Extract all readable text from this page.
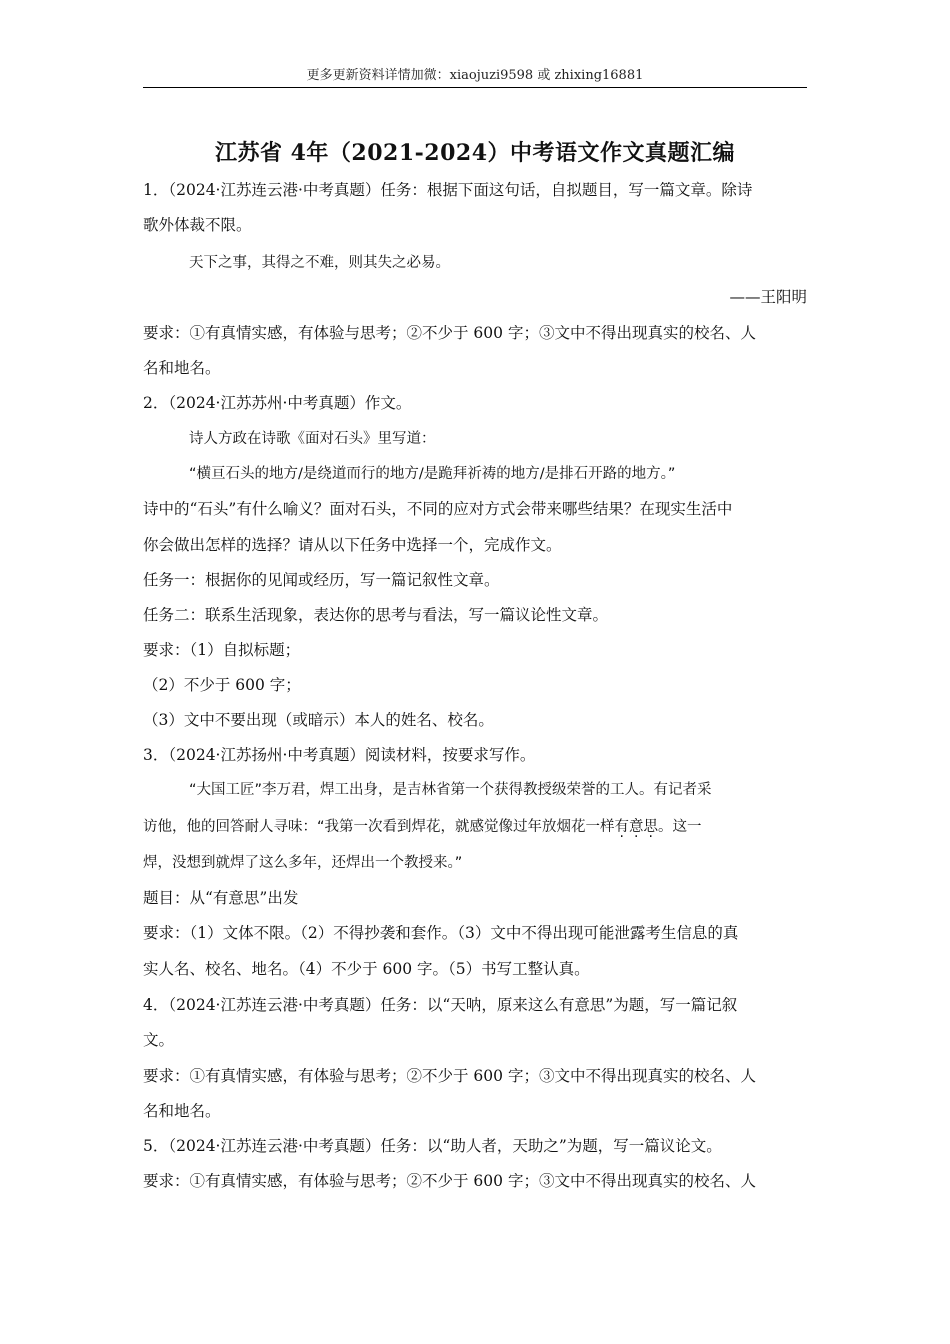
更多更新资料详情加微：xiaojuzi9598 或 zhixing16881
江苏省 4年（2021-2024）中考语文作文真题汇编
1．（2024·江苏连云港·中考真题）任务：根据下面这句话，自拟题目，写一篇文章。除诗
歌外体裁不限。
天下之事，其得之不难，则其失之必易。
——王阳明
要求：①有真情实感，有体验与思考；②不少于 600 字；③文中不得出现真实的校名、人
名和地名。
2．（2024·江苏苏州·中考真题）作文。
诗人方政在诗歌《面对石头》里写道：
“横亘石头的地方/是绕道而行的地方/是跪拜祈祷的地方/是排石开路的地方。”
诗中的“石头”有什么喻义？面对石头，不同的应对方式会带来哪些结果？在现实生活中
你会做出怎样的选择？请从以下任务中选择一个，完成作文。
任务一：根据你的见闻或经历，写一篇记叙性文章。
任务二：联系生活现象，表达你的思考与看法，写一篇议论性文章。
要求：（1）自拟标题；
（2）不少于 600 字；
（3）文中不要出现（或暗示）本人的姓名、校名。
3．（2024·江苏扬州·中考真题）阅读材料，按要求写作。
“大国工匠”李万君，焊工出身，是吉林省第一个获得教授级荣誉的工人。有记者采
访他，他的回答耐人寻味：“我第一次看到焊花，就感觉像过年放烟花一样有意思。这一
焊，没想到就焊了这么多年，还焊出一个教授来。”
题目：从“有意思”出发
要求：（1）文体不限。（2）不得抄袭和套作。（3）文中不得出现可能泄露考生信息的真
实人名、校名、地名。（4）不少于 600 字。（5）书写工整认真。
4．（2024·江苏连云港·中考真题）任务：以“天呐，原来这么有意思”为题，写一篇记叙
文。
要求：①有真情实感，有体验与思考；②不少于 600 字；③文中不得出现真实的校名、人
名和地名。
5．（2024·江苏连云港·中考真题）任务：以“助人者，天助之”为题，写一篇议论文。
要求：①有真情实感，有体验与思考；②不少于 600 字；③文中不得出现真实的校名、人
